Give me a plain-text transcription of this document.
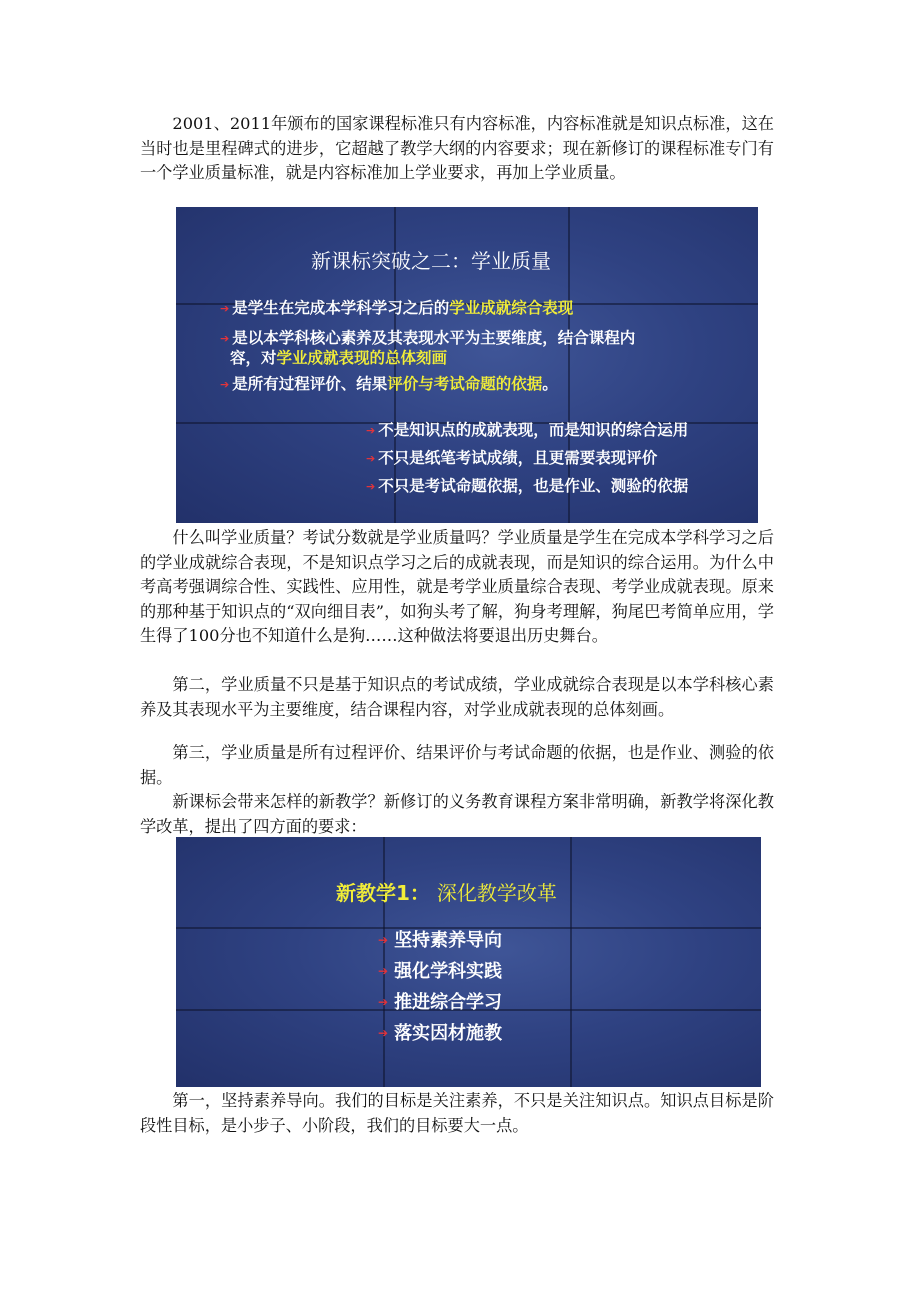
2001、2011年颁布的国家课程标准只有内容标准，内容标准就是知识点标准，这在当时也是里程碑式的进步，它超越了教学大纲的内容要求；现在新修订的课程标准专门有一个学业质量标准，就是内容标准加上学业要求，再加上学业质量。

新课标突破之二：学业质量
➔ 是学生在完成本学科学习之后的学业成就综合表现
➔ 是以本学科核心素养及其表现水平为主要维度，结合课程内
容，对学业成就表现的总体刻画
➔ 是所有过程评价、结果评价与考试命题的依据。
➔ 不是知识点的成就表现，而是知识的综合运用
➔ 不只是纸笔考试成绩，且更需要表现评价
➔ 不只是考试命题依据，也是作业、测验的依据

什么叫学业质量？考试分数就是学业质量吗？学业质量是学生在完成本学科学习之后的学业成就综合表现，不是知识点学习之后的成就表现，而是知识的综合运用。为什么中考高考强调综合性、实践性、应用性，就是考学业质量综合表现、考学业成就表现。原来的那种基于知识点的“双向细目表”，如狗头考了解，狗身考理解，狗尾巴考简单应用，学生得了100分也不知道什么是狗……这种做法将要退出历史舞台。

第二，学业质量不只是基于知识点的考试成绩，学业成就综合表现是以本学科核心素养及其表现水平为主要维度，结合课程内容，对学业成就表现的总体刻画。

第三，学业质量是所有过程评价、结果评价与考试命题的依据，也是作业、测验的依据。

新课标会带来怎样的新教学？新修订的义务教育课程方案非常明确，新教学将深化教学改革，提出了四方面的要求：

新教学1： 深化教学改革
➔ 坚持素养导向
➔ 强化学科实践
➔ 推进综合学习
➔ 落实因材施教

第一，坚持素养导向。我们的目标是关注素养，不只是关注知识点。知识点目标是阶段性目标，是小步子、小阶段，我们的目标要大一点。
